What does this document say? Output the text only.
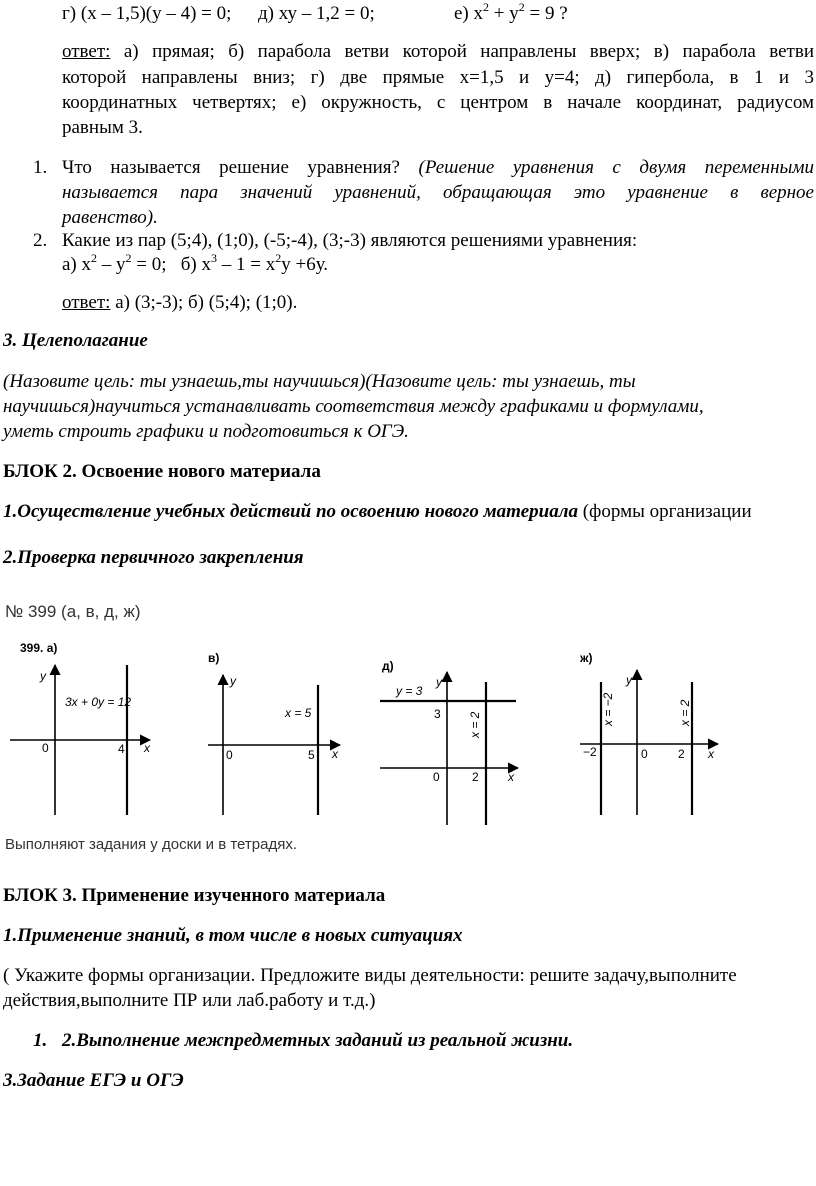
г) (х – 1,5)(у – 4) = 0; д) ху – 1,2 = 0;	е) $х^2 + у^2 = 9$ ?
ответ: а) прямая; б) парабола ветви которой направлены вверх; в) парабола ветви
которой направлены вниз; г) две прямые х=1,5 и у=4; д) гипербола, в 1 и 3
координатных четвертях; е) окружность, с центром в начале координат, радиусом
равным 3.
1. Что называется решение уравнения? (Решение уравнения с двумя переменными
называется пара значений уравнений, обращающая это уравнение в верное
равенство).
2. Какие из пар (5;4), (1;0), (-5;-4), (3;-3) являются решениями уравнения:
а) $х^2 - у^2 = 0$; б) $х^3 - 1 = х^2у +6у$.
ответ: а) (3;-3); б) (5;4); (1;0).
3. Целеполагание
(Назовите цель: ты узнаешь,ты научишься)(Назовите цель: ты узнаешь, ты
научишься)научиться устанавливать соответствия между графиками и формулами,
уметь строить графики и подготовиться к ОГЭ.
БЛОК 2. Освоение нового материала
1.Осуществление учебных действий по освоению нового материала (формы организации
2.Проверка первичного закрепления
№ 399 (а, в, д, ж)
399. а)
y
x
0	4
3x + 0y = 12
в)
y
x
0	5
x = 5
д)
y
x
0	2
3
y = 3
x = 2
ж)
y
x
0	2
−2
x = −2	x = 2
Выполняют задания у доски и в тетрадях.
БЛОК 3. Применение изученного материала
1.Применение знаний, в том числе в новых ситуациях
( Укажите формы организации. Предложите виды деятельности: решите задачу,выполните
действия,выполните ПР или лаб.работу и т.д.)
1. 2.Выполнение межпредметных заданий из реальной жизни.
3.Задание ЕГЭ и ОГЭ
